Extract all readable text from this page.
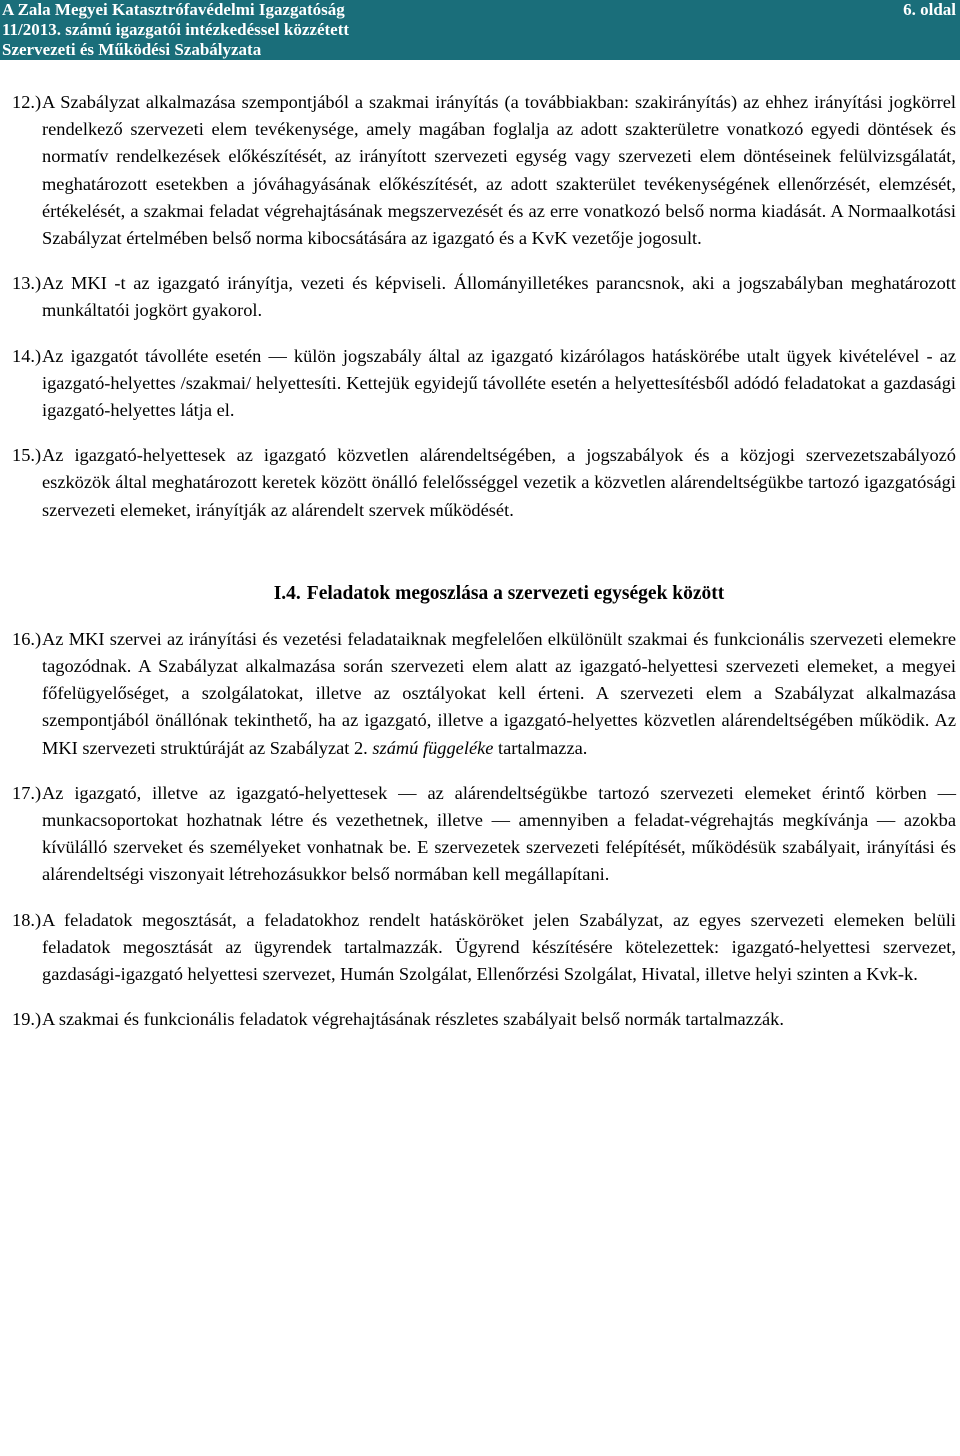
A Zala Megyei Katasztrófavédelmi Igazgatóság	6. oldal
11/2013. számú igazgatói intézkedéssel közzétett
Szervezeti és Működési Szabályzata
12.) A Szabályzat alkalmazása szempontjából a szakmai irányítás (a továbbiakban: szakirányítás) az ehhez irányítási jogkörrel rendelkező szervezeti elem tevékenysége, amely magában foglalja az adott szakterületre vonatkozó egyedi döntések és normatív rendelkezések előkészítését, az irányított szervezeti egység vagy szervezeti elem döntéseinek felülvizsgálatát, meghatározott esetekben a jóváhagyásának előkészítését, az adott szakterület tevékenységének ellenőrzését, elemzését, értékelését, a szakmai feladat végrehajtásának megszervezését és az erre vonatkozó belső norma kiadását. A Normaalkotási Szabályzat értelmében belső norma kibocsátására az igazgató és a KvK vezetője jogosult.
13.) Az MKI -t az igazgató irányítja, vezeti és képviseli. Állományilletékes parancsnok, aki a jogszabályban meghatározott munkáltatói jogkört gyakorol.
14.) Az igazgatót távolléte esetén — külön jogszabály által az igazgató kizárólagos hatáskörébe utalt ügyek kivételével - az igazgató-helyettes /szakmai/ helyettesíti. Kettejük egyidejű távolléte esetén a helyettesítésből adódó feladatokat a gazdasági igazgató-helyettes látja el.
15.) Az igazgató-helyettesek az igazgató közvetlen alárendeltségében, a jogszabályok és a közjogi szervezetszabályozó eszközök által meghatározott keretek között önálló felelősséggel vezetik a közvetlen alárendeltségükbe tartozó igazgatósági szervezeti elemeket, irányítják az alárendelt szervek működését.
I.4. Feladatok megoszlása a szervezeti egységek között
16.) Az MKI szervei az irányítási és vezetési feladataiknak megfelelően elkülönült szakmai és funkcionális szervezeti elemekre tagozódnak. A Szabályzat alkalmazása során szervezeti elem alatt az igazgató-helyettesi szervezeti elemeket, a megyei főfelügyelőséget, a szolgálatokat, illetve az osztályokat kell érteni. A szervezeti elem a Szabályzat alkalmazása szempontjából önállónak tekinthető, ha az igazgató, illetve a igazgató-helyettes közvetlen alárendeltségében működik. Az MKI szervezeti struktúráját az Szabályzat 2. számú függeléke tartalmazza.
17.) Az igazgató, illetve az igazgató-helyettesek — az alárendeltségükbe tartozó szervezeti elemeket érintő körben — munkacsoportokat hozhatnak létre és vezethetnek, illetve — amennyiben a feladat-végrehajtás megkívánja — azokba kívülálló szerveket és személyeket vonhatnak be. E szervezetek szervezeti felépítését, működésük szabályait, irányítási és alárendeltségi viszonyait létrehozásukkor belső normában kell megállapítani.
18.) A feladatok megosztását, a feladatokhoz rendelt hatásköröket jelen Szabályzat, az egyes szervezeti elemeken belüli feladatok megosztását az ügyrendek tartalmazzák. Ügyrend készítésére kötelezettek: igazgató-helyettesi szervezet, gazdasági-igazgató helyettesi szervezet, Humán Szolgálat, Ellenőrzési Szolgálat, Hivatal, illetve helyi szinten a Kvk-k.
19.) A szakmai és funkcionális feladatok végrehajtásának részletes szabályait belső normák tartalmazzák.
